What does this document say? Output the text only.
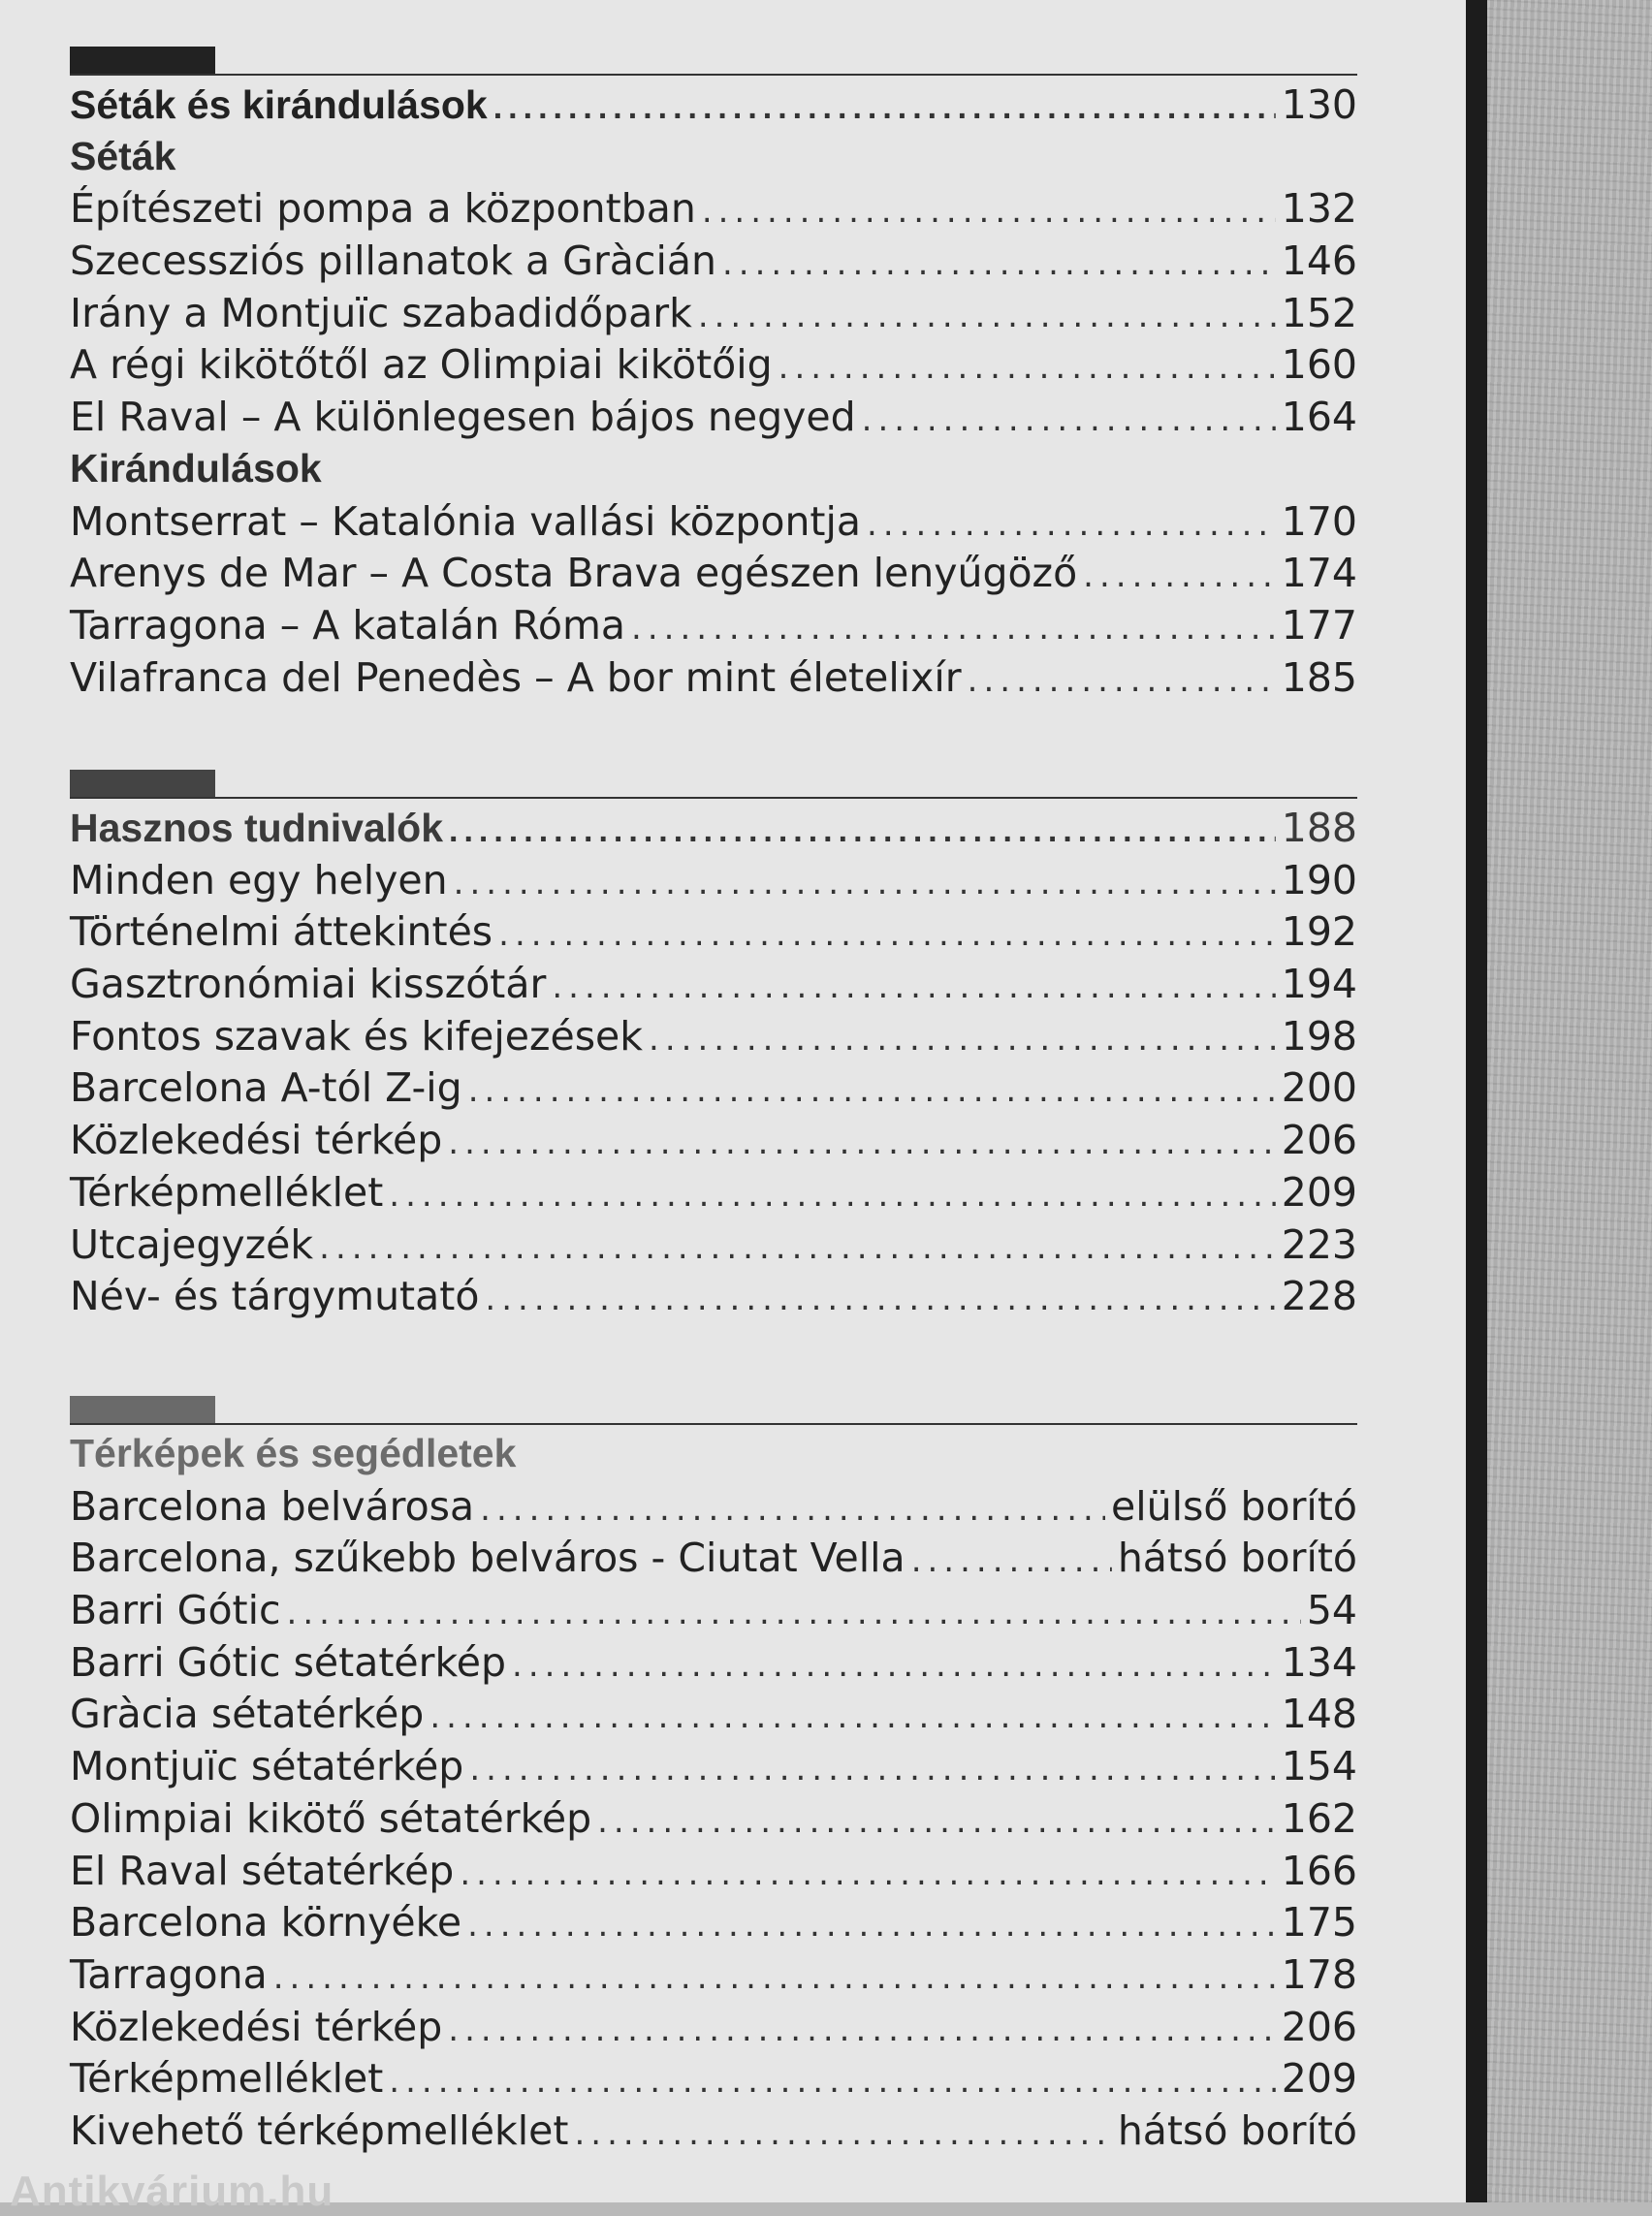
Séták és kirándulások .....	130
Séták
Építészeti pompa a központban .....	132
Szecessziós pillanatok a Gràcián .....	146
Irány a Montjuïc szabadidőpark .....	152
A régi kikötőtől az Olimpiai kikötőig .....	160
El Raval – A különlegesen bájos negyed .....	164
Kirándulások
Montserrat – Katalónia vallási központja .....	170
Arenys de Mar – A Costa Brava egészen lenyűgöző .....	174
Tarragona – A katalán Róma .....	177
Vilafranca del Penedès – A bor mint életelixír .....	185
Hasznos tudnivalók .....	188
Minden egy helyen .....	190
Történelmi áttekintés .....	192
Gasztronómiai kisszótár .....	194
Fontos szavak és kifejezések .....	198
Barcelona A-tól Z-ig .....	200
Közlekedési térkép .....	206
Térképmelléklet .....	209
Utcajegyzék .....	223
Név- és tárgymutató .....	228
Térképek és segédletek
Barcelona belvárosa .....	elülső borító
Barcelona, szűkebb belváros - Ciutat Vella .....	hátsó borító
Barri Gótic .....	54
Barri Gótic sétatérkép .....	134
Gràcia sétatérkép .....	148
Montjuïc sétatérkép .....	154
Olimpiai kikötő sétatérkép .....	162
El Raval sétatérkép .....	166
Barcelona környéke .....	175
Tarragona .....	178
Közlekedési térkép .....	206
Térképmelléklet .....	209
Kivehető térképmelléklet .....	hátsó borító
Antikvárium.hu
